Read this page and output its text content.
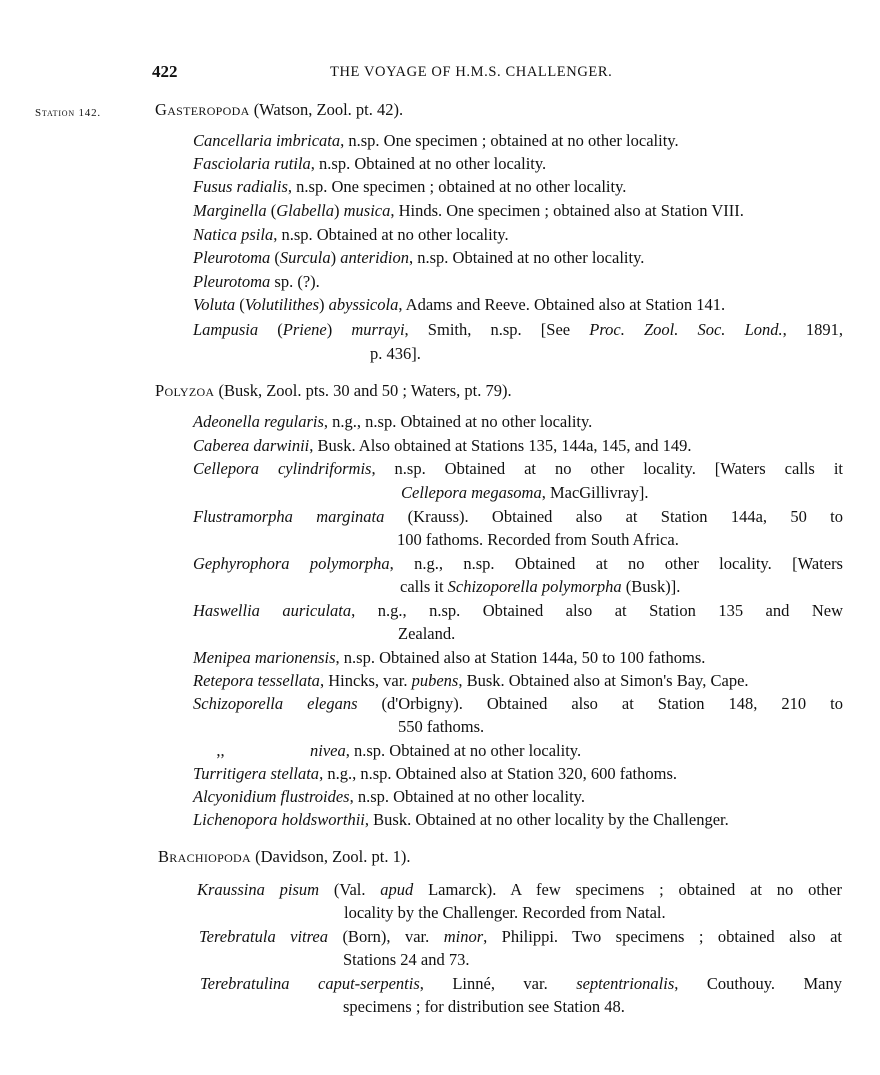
422	THE VOYAGE OF H.M.S. CHALLENGER.
Station 142.	Gasteropoda (Watson, Zool. pt. 42).
Cancellaria imbricata, n.sp. One specimen ; obtained at no other locality.
Fasciolaria rutila, n.sp. Obtained at no other locality.
Fusus radialis, n.sp. One specimen ; obtained at no other locality.
Marginella (Glabella) musica, Hinds. One specimen ; obtained also at Station VIII.
Natica psila, n.sp. Obtained at no other locality.
Pleurotoma (Surcula) anteridion, n.sp. Obtained at no other locality.
Pleurotoma sp. (?).
Voluta (Volutilithes) abyssicola, Adams and Reeve. Obtained also at Station 141.
Lampusia (Priene) murrayi, Smith, n.sp. [See Proc. Zool. Soc. Lond., 1891,
p. 436].
Polyzoa (Busk, Zool. pts. 30 and 50 ; Waters, pt. 79).
Adeonella regularis, n.g., n.sp. Obtained at no other locality.
Caberea darwinii, Busk. Also obtained at Stations 135, 144a, 145, and 149.
Cellepora cylindriformis, n.sp. Obtained at no other locality. [Waters calls it
Cellepora megasoma, MacGillivray].
Flustramorpha marginata (Krauss). Obtained also at Station 144a, 50 to
100 fathoms. Recorded from South Africa.
Gephyrophora polymorpha, n.g., n.sp. Obtained at no other locality. [Waters
calls it Schizoporella polymorpha (Busk)].
Haswellia auriculata, n.g., n.sp. Obtained also at Station 135 and New
Zealand.
Menipea marionensis, n.sp. Obtained also at Station 144a, 50 to 100 fathoms.
Retepora tessellata, Hincks, var. pubens, Busk. Obtained also at Simon's Bay, Cape.
Schizoporella elegans (d'Orbigny). Obtained also at Station 148, 210 to
550 fathoms.
,,	nivea, n.sp. Obtained at no other locality.
Turritigera stellata, n.g., n.sp. Obtained also at Station 320, 600 fathoms.
Alcyonidium flustroides, n.sp. Obtained at no other locality.
Lichenopora holdsworthii, Busk. Obtained at no other locality by the Challenger.
Brachiopoda (Davidson, Zool. pt. 1).
Kraussina pisum (Val. apud Lamarck). A few specimens ; obtained at no other
locality by the Challenger. Recorded from Natal.
Terebratula vitrea (Born), var. minor, Philippi. Two specimens ; obtained also at
Stations 24 and 73.
Terebratulina caput-serpentis, Linné, var. septentrionalis, Couthouy. Many
specimens ; for distribution see Station 48.
